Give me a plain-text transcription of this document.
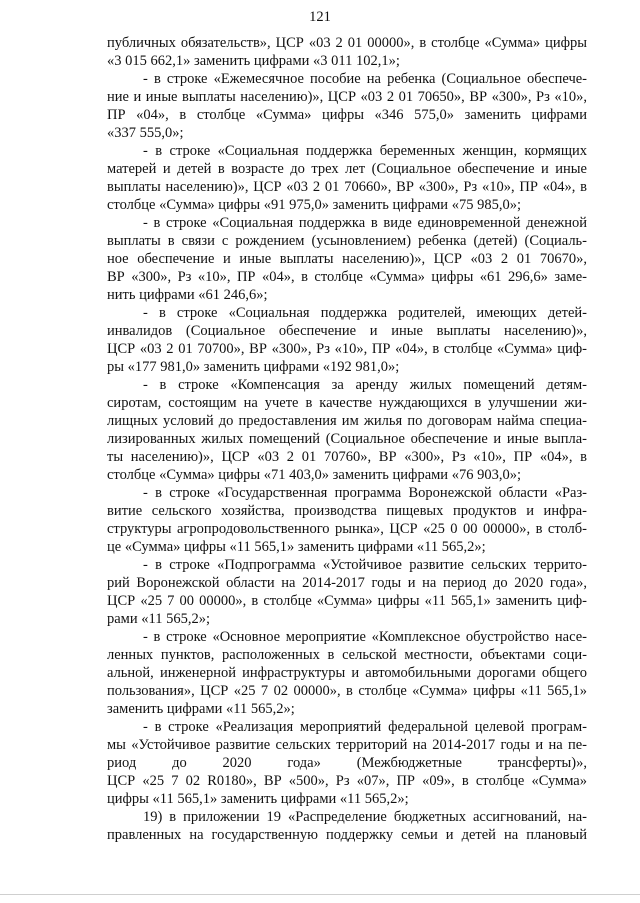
121
публичных обязательств», ЦСР «03 2 01 00000», в столбце «Сумма» цифры
«3 015 662,1» заменить цифрами «3 011 102,1»;
- в строке «Ежемесячное пособие на ребенка (Социальное обеспече-
ние и иные выплаты населению)», ЦСР «03 2 01 70650», ВР «300», Рз «10»,
ПР «04», в столбце «Сумма» цифры «346 575,0» заменить цифрами
«337 555,0»;
- в строке «Социальная поддержка беременных женщин, кормящих
матерей и детей в возрасте до трех лет (Социальное обеспечение и иные
выплаты населению)», ЦСР «03 2 01 70660», ВР «300», Рз «10», ПР «04», в
столбце «Сумма» цифры «91 975,0» заменить цифрами «75 985,0»;
- в строке «Социальная поддержка в виде единовременной денежной
выплаты в связи с рождением (усыновлением) ребенка (детей) (Социаль-
ное обеспечение и иные выплаты населению)», ЦСР «03 2 01 70670»,
ВР «300», Рз «10», ПР «04», в столбце «Сумма» цифры «61 296,6» заме-
нить цифрами «61 246,6»;
- в строке «Социальная поддержка родителей, имеющих детей-
инвалидов (Социальное обеспечение и иные выплаты населению)»,
ЦСР «03 2 01 70700», ВР «300», Рз «10», ПР «04», в столбце «Сумма» циф-
ры «177 981,0» заменить цифрами «192 981,0»;
- в строке «Компенсация за аренду жилых помещений детям-
сиротам, состоящим на учете в качестве нуждающихся в улучшении жи-
лищных условий до предоставления им жилья по договорам найма специа-
лизированных жилых помещений (Социальное обеспечение и иные выпла-
ты населению)», ЦСР «03 2 01 70760», ВР «300», Рз «10», ПР «04», в
столбце «Сумма» цифры «71 403,0» заменить цифрами «76 903,0»;
- в строке «Государственная программа Воронежской области «Раз-
витие сельского хозяйства, производства пищевых продуктов и инфра-
структуры агропродовольственного рынка», ЦСР «25 0 00 00000», в столб-
це «Сумма» цифры «11 565,1» заменить цифрами «11 565,2»;
- в строке «Подпрограмма «Устойчивое развитие сельских террито-
рий Воронежской области на 2014-2017 годы и на период до 2020 года»,
ЦСР «25 7 00 00000», в столбце «Сумма» цифры «11 565,1» заменить циф-
рами «11 565,2»;
- в строке «Основное мероприятие «Комплексное обустройство насе-
ленных пунктов, расположенных в сельской местности, объектами соци-
альной, инженерной инфраструктуры и автомобильными дорогами общего
пользования», ЦСР «25 7 02 00000», в столбце «Сумма» цифры «11 565,1»
заменить цифрами «11 565,2»;
- в строке «Реализация мероприятий федеральной целевой програм-
мы «Устойчивое развитие сельских территорий на 2014-2017 годы и на пе-
риод до 2020 года» (Межбюджетные трансферты)»,
ЦСР «25 7 02 R0180», ВР «500», Рз «07», ПР «09», в столбце «Сумма»
цифры «11 565,1» заменить цифрами «11 565,2»;
19) в приложении 19 «Распределение бюджетных ассигнований, на-
правленных на государственную поддержку семьи и детей на плановый
